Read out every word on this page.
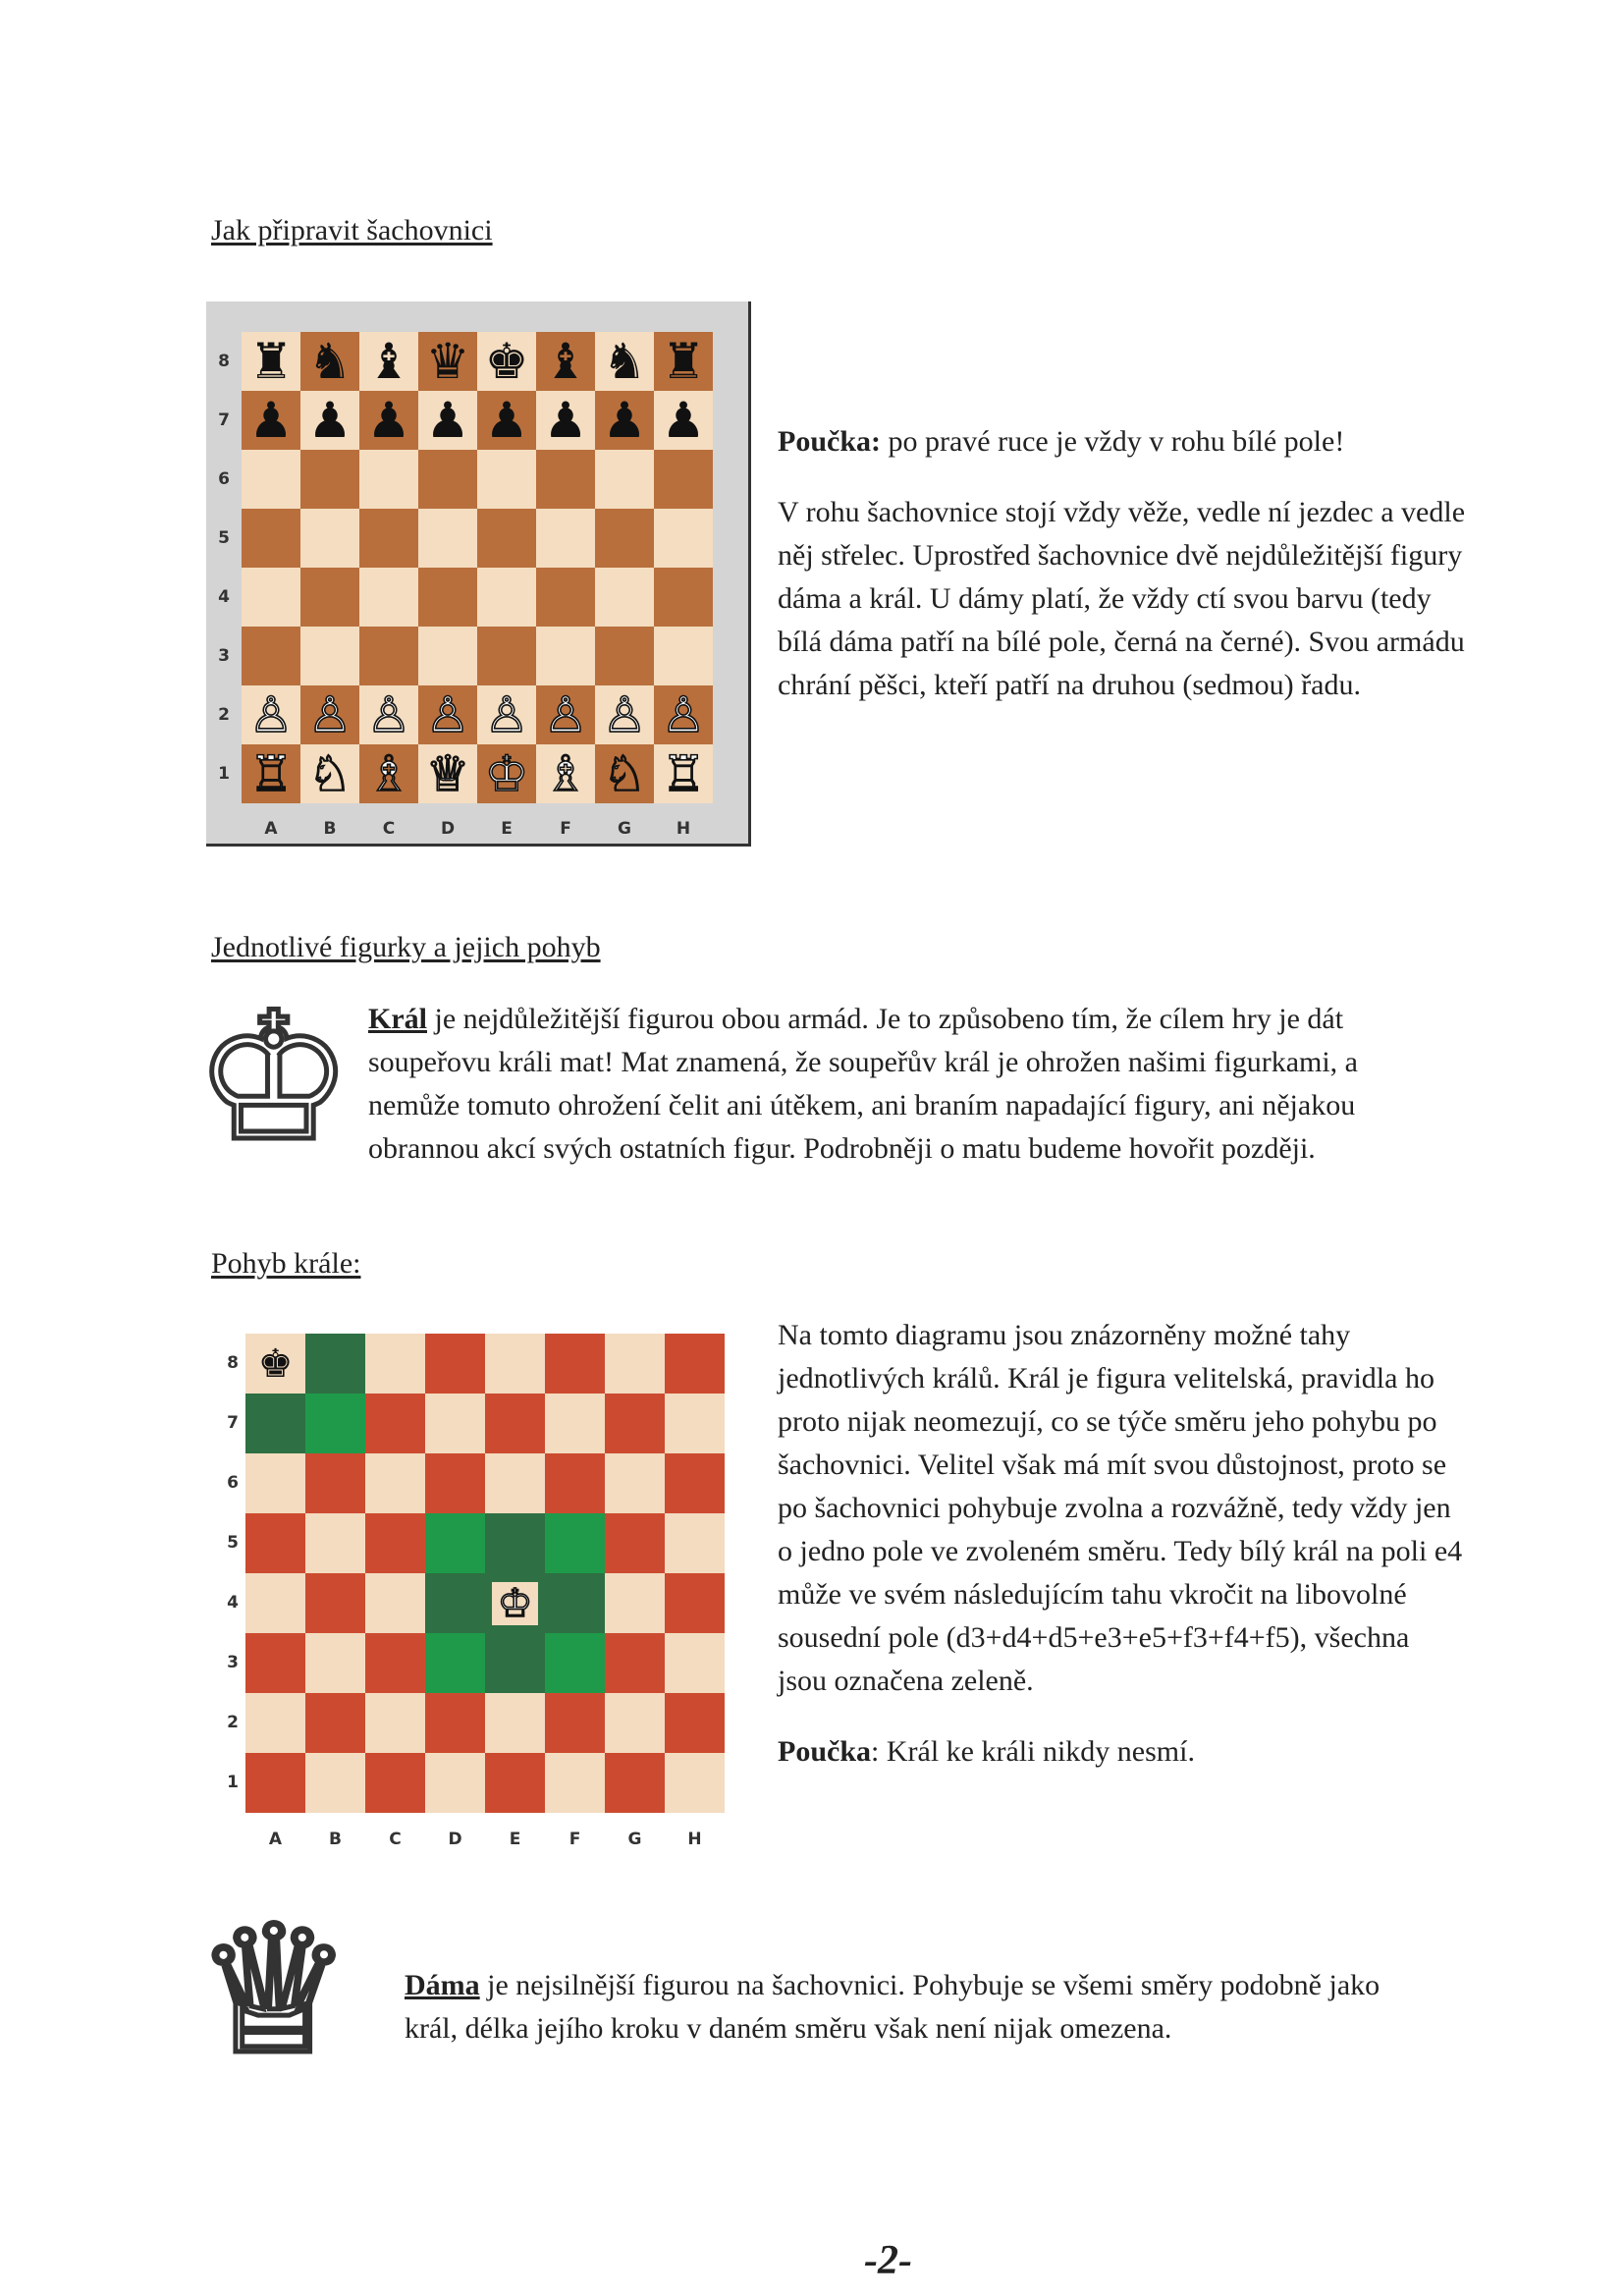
Jak připravit šachovnici
♜ ♞ ♝ ♛ ♚ ♝ ♞ ♜
♟ ♟ ♟ ♟ ♟ ♟ ♟ ♟
♙ ♙ ♙ ♙ ♙ ♙ ♙ ♙
♖ ♘ ♗ ♕ ♔ ♗ ♘ ♖
8
7
6
5
4
3
2
1
A	B	C	D	E	F	G	H

Poučka: po pravé ruce je vždy v rohu bílé pole!

V rohu šachovnice stojí vždy věže, vedle ní jezdec a vedle něj střelec. Uprostřed šachovnice dvě nejdůležitější figury dáma a král. U dámy platí, že vždy ctí svou barvu (tedy bílá dáma patří na bílé pole, černá na černé). Svou armádu chrání pěšci, kteří patří na druhou (sedmou) řadu.

Jednotlivé figurky a jejich pohyb
♔ Král je nejdůležitější figurou obou armád. Je to způsobeno tím, že cílem hry je dát soupeřovu králi mat! Mat znamená, že soupeřův král je ohrožen našimi figurkami, a nemůže tomuto ohrožení čelit ani útěkem, ani braním napadající figury, ani nějakou obrannou akcí svých ostatních figur. Podrobněji o matu budeme hovořit později.
Pohyb krále:
♚
♔
8
7
6
5
4
3
2
1
A	B	C	D	E	F	G	H

Na tomto diagramu jsou znázorněny možné tahy jednotlivých králů. Král je figura velitelská, pravidla ho proto nijak neomezují, co se týče směru jeho pohybu po šachovnici. Velitel však má mít svou důstojnost, proto se po šachovnici pohybuje zvolna a rozvážně, tedy vždy jen o jedno pole ve zvoleném směru. Tedy bílý král na poli e4 může ve svém následujícím tahu vkročit na libovolné sousední pole (d3+d4+d5+e3+e5+f3+f4+f5), všechna jsou označena zeleně.

Poučka: Král ke králi nikdy nesmí.

♕ Dáma je nejsilnější figurou na šachovnici. Pohybuje se všemi směry podobně jako král, délka jejího kroku v daném směru však není nijak omezena.
-2-
